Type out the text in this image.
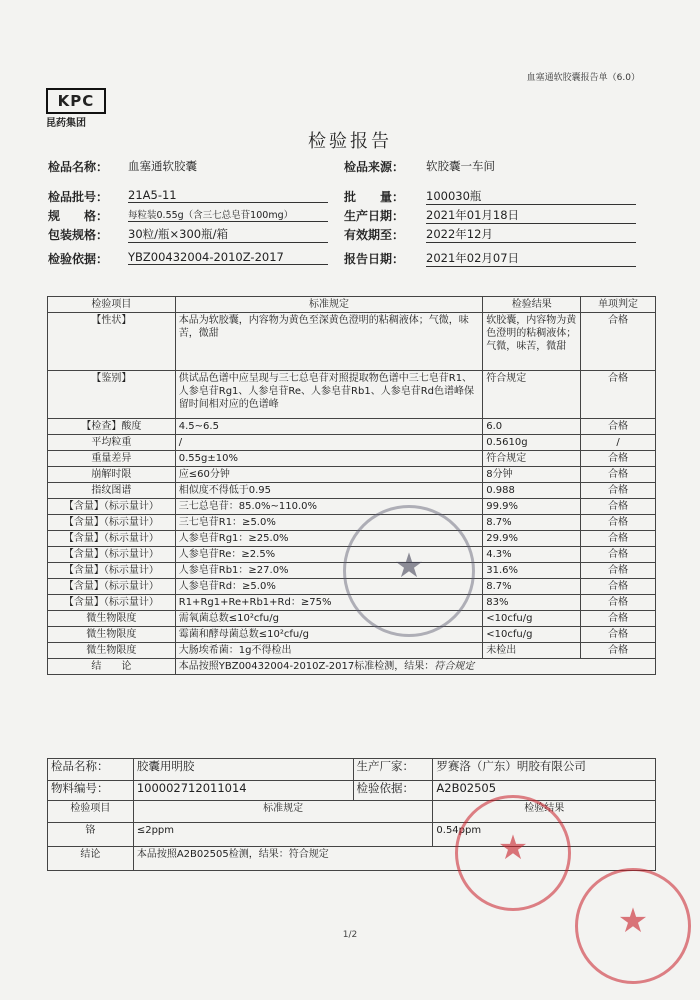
血塞通软胶囊报告单（6.0）
KPC
昆药集团
检验报告
检品名称： 血塞通软胶囊
检品批号： 21A5-11
规　　格： 每粒装0.55g（含三七总皂苷100mg）
包装规格： 30粒/瓶×300瓶/箱
检验依据： YBZ00432004-2010Z-2017
检品来源： 软胶囊一车间
批　　量： 100030瓶
生产日期： 2021年01月18日
有效期至： 2022年12月
报告日期： 2021年02月07日
检验项目	标准规定	检验结果	单项判定
【性状】	本品为软胶囊，内容物为黄色至深黄色澄明的粘稠液体；气微，味苦，微甜	软胶囊，内容物为黄色澄明的粘稠液体；气微，味苦，微甜	合格
【鉴别】	供试品色谱中应呈现与三七总皂苷对照提取物色谱中三七皂苷R1、人参皂苷Rg1、人参皂苷Re、人参皂苷Rb1、人参皂苷Rd色谱峰保留时间相对应的色谱峰	符合规定	合格
【检查】酸度	4.5~6.5	6.0	合格
平均粒重	/	0.5610g	/
重量差异	0.55g±10%	符合规定	合格
崩解时限	应≤60分钟	8分钟	合格
指纹图谱	相似度不得低于0.95	0.988	合格
【含量】（标示量计）	三七总皂苷：85.0%~110.0%	99.9%	合格
【含量】（标示量计）	三七皂苷R1：≥5.0%	8.7%	合格
【含量】（标示量计）	人参皂苷Rg1：≥25.0%	29.9%	合格
【含量】（标示量计）	人参皂苷Re：≥2.5%	4.3%	合格
【含量】（标示量计）	人参皂苷Rb1：≥27.0%	31.6%	合格
【含量】（标示量计）	人参皂苷Rd：≥5.0%	8.7%	合格
【含量】（标示量计）	R1+Rg1+Re+Rb1+Rd：≥75%	83%	合格
微生物限度	需氧菌总数≤10²cfu/g	<10cfu/g	合格
微生物限度	霉菌和酵母菌总数≤10²cfu/g	<10cfu/g	合格
微生物限度	大肠埃希菌：1g不得检出	未检出	合格
结　　论	本品按照YBZ00432004-2010Z-2017标准检测，结果：符合规定		
检品名称：	胶囊用明胶	生产厂家：	罗赛洛（广东）明胶有限公司
物料编号：	100002712011014	检验依据：	A2B02505
检验项目	标准规定		检验结果
铬	≤2ppm		0.54ppm
结论	本品按照A2B02505检测，结果：符合规定		
★
★
★
1/2
